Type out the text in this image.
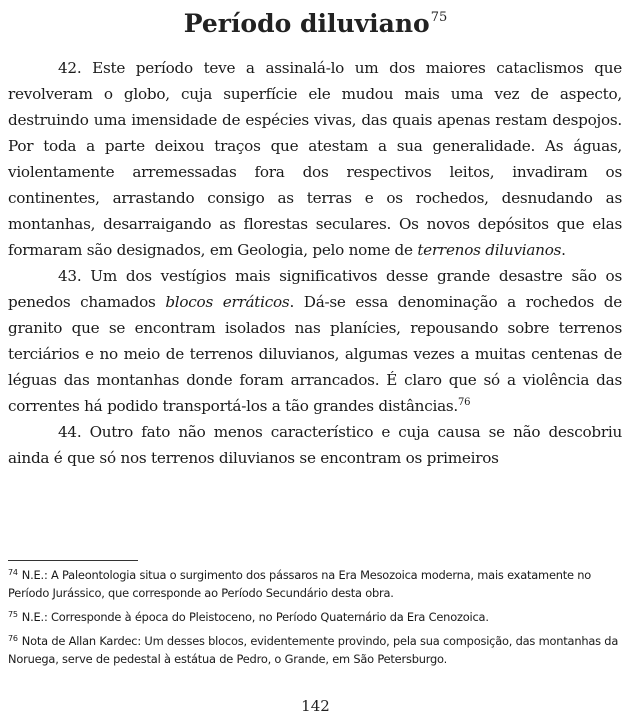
Período diluviano$^{75}$

42. Este período teve a assinalá-lo um dos maiores cataclismos que revolveram o globo, cuja superfície ele mudou mais uma vez de aspecto, destruindo uma imensidade de espécies vivas, das quais apenas restam despojos. Por toda a parte deixou traços que atestam a sua generalidade. As águas, violentamente arremessadas fora dos respectivos leitos, invadiram os continentes, arrastando consigo as terras e os rochedos, desnudando as montanhas, desarraigando as florestas seculares. Os novos depósitos que elas formaram são designados, em Geologia, pelo nome de terrenos diluvianos.

43. Um dos vestígios mais significativos desse grande desastre são os penedos chamados blocos erráticos. Dá-se essa denominação a rochedos de granito que se encontram isolados nas planícies, repousando sobre terrenos terciários e no meio de terrenos diluvianos, algumas vezes a muitas centenas de léguas das montanhas donde foram arrancados. É claro que só a violência das correntes há podido transportá-los a tão grandes distâncias.$^{76}$

44. Outro fato não menos característico e cuja causa se não descobriu ainda é que só nos terrenos diluvianos se encontram os primeiros

$^{74}$ N.E.: A Paleontologia situa o surgimento dos pássaros na Era Mesozoica moderna, mais exatamente no Período Jurássico, que corresponde ao Período Secundário desta obra.

$^{75}$ N.E.: Corresponde à época do Pleistoceno, no Período Quaternário da Era Cenozoica.

$^{76}$ Nota de Allan Kardec: Um desses blocos, evidentemente provindo, pela sua composição, das montanhas da Noruega, serve de pedestal à estátua de Pedro, o Grande, em São Petersburgo.

142
